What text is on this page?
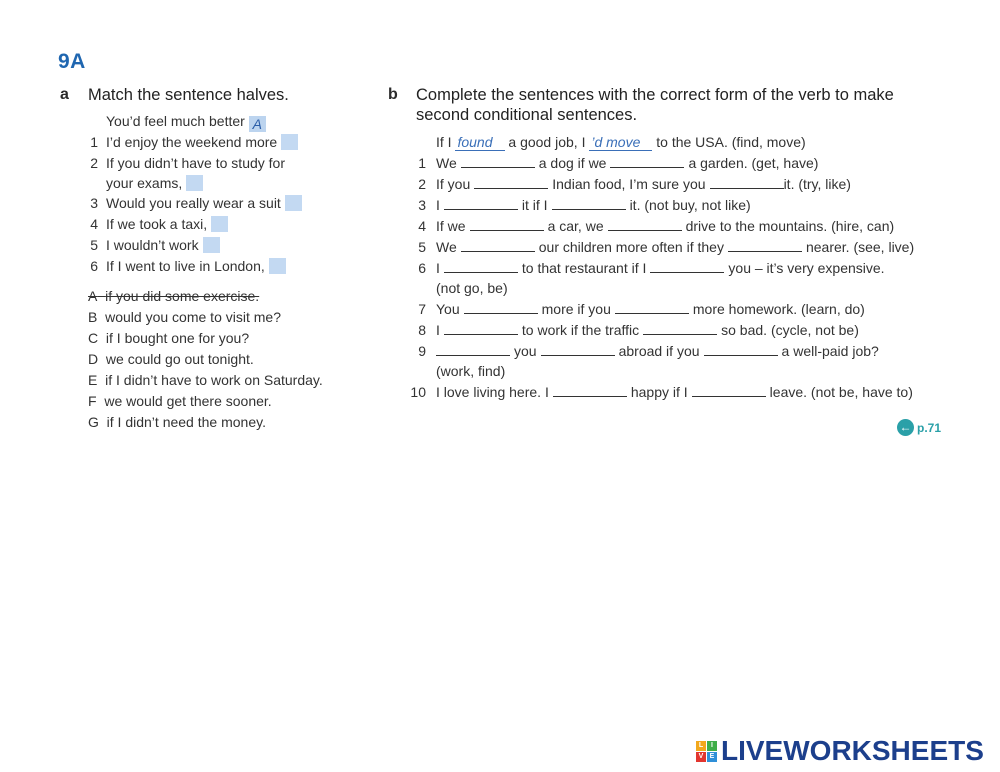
9A
a Match the sentence halves.
You’d feel much better A
1 I’d enjoy the weekend more
2 If you didn’t have to study for
your exams,
3 Would you really wear a suit
4 If we took a taxi,
5 I wouldn’t work
6 If I went to live in London,
A if you did some exercise.
B would you come to visit me?
C if I bought one for you?
D we could go out tonight.
E if I didn’t have to work on Saturday.
F we would get there sooner.
G if I didn’t need the money.
b Complete the sentences with the correct form of the verb to make
second conditional sentences.
If I found a good job, I ’d move to the USA. (find, move)
1 We	a dog if we	a garden. (get, have)
2 If you	Indian food, I’m sure you	it. (try, like)
3 I	it if I	it. (not buy, not like)
4 If we	a car, we	drive to the mountains. (hire, can)
5 We	our children more often if they	nearer. (see, live)
6 I	to that restaurant if I	you – it’s very expensive.
(not go, be)
7 You	more if you	more homework. (learn, do)
8 I	to work if the traffic	so bad. (cycle, not be)
9	you	abroad if you	a well-paid job?
(work, find)
10 I love living here. I	happy if I	leave. (not be, have to)
← p.71
L	I
V E LIVEWORKSHEETS
